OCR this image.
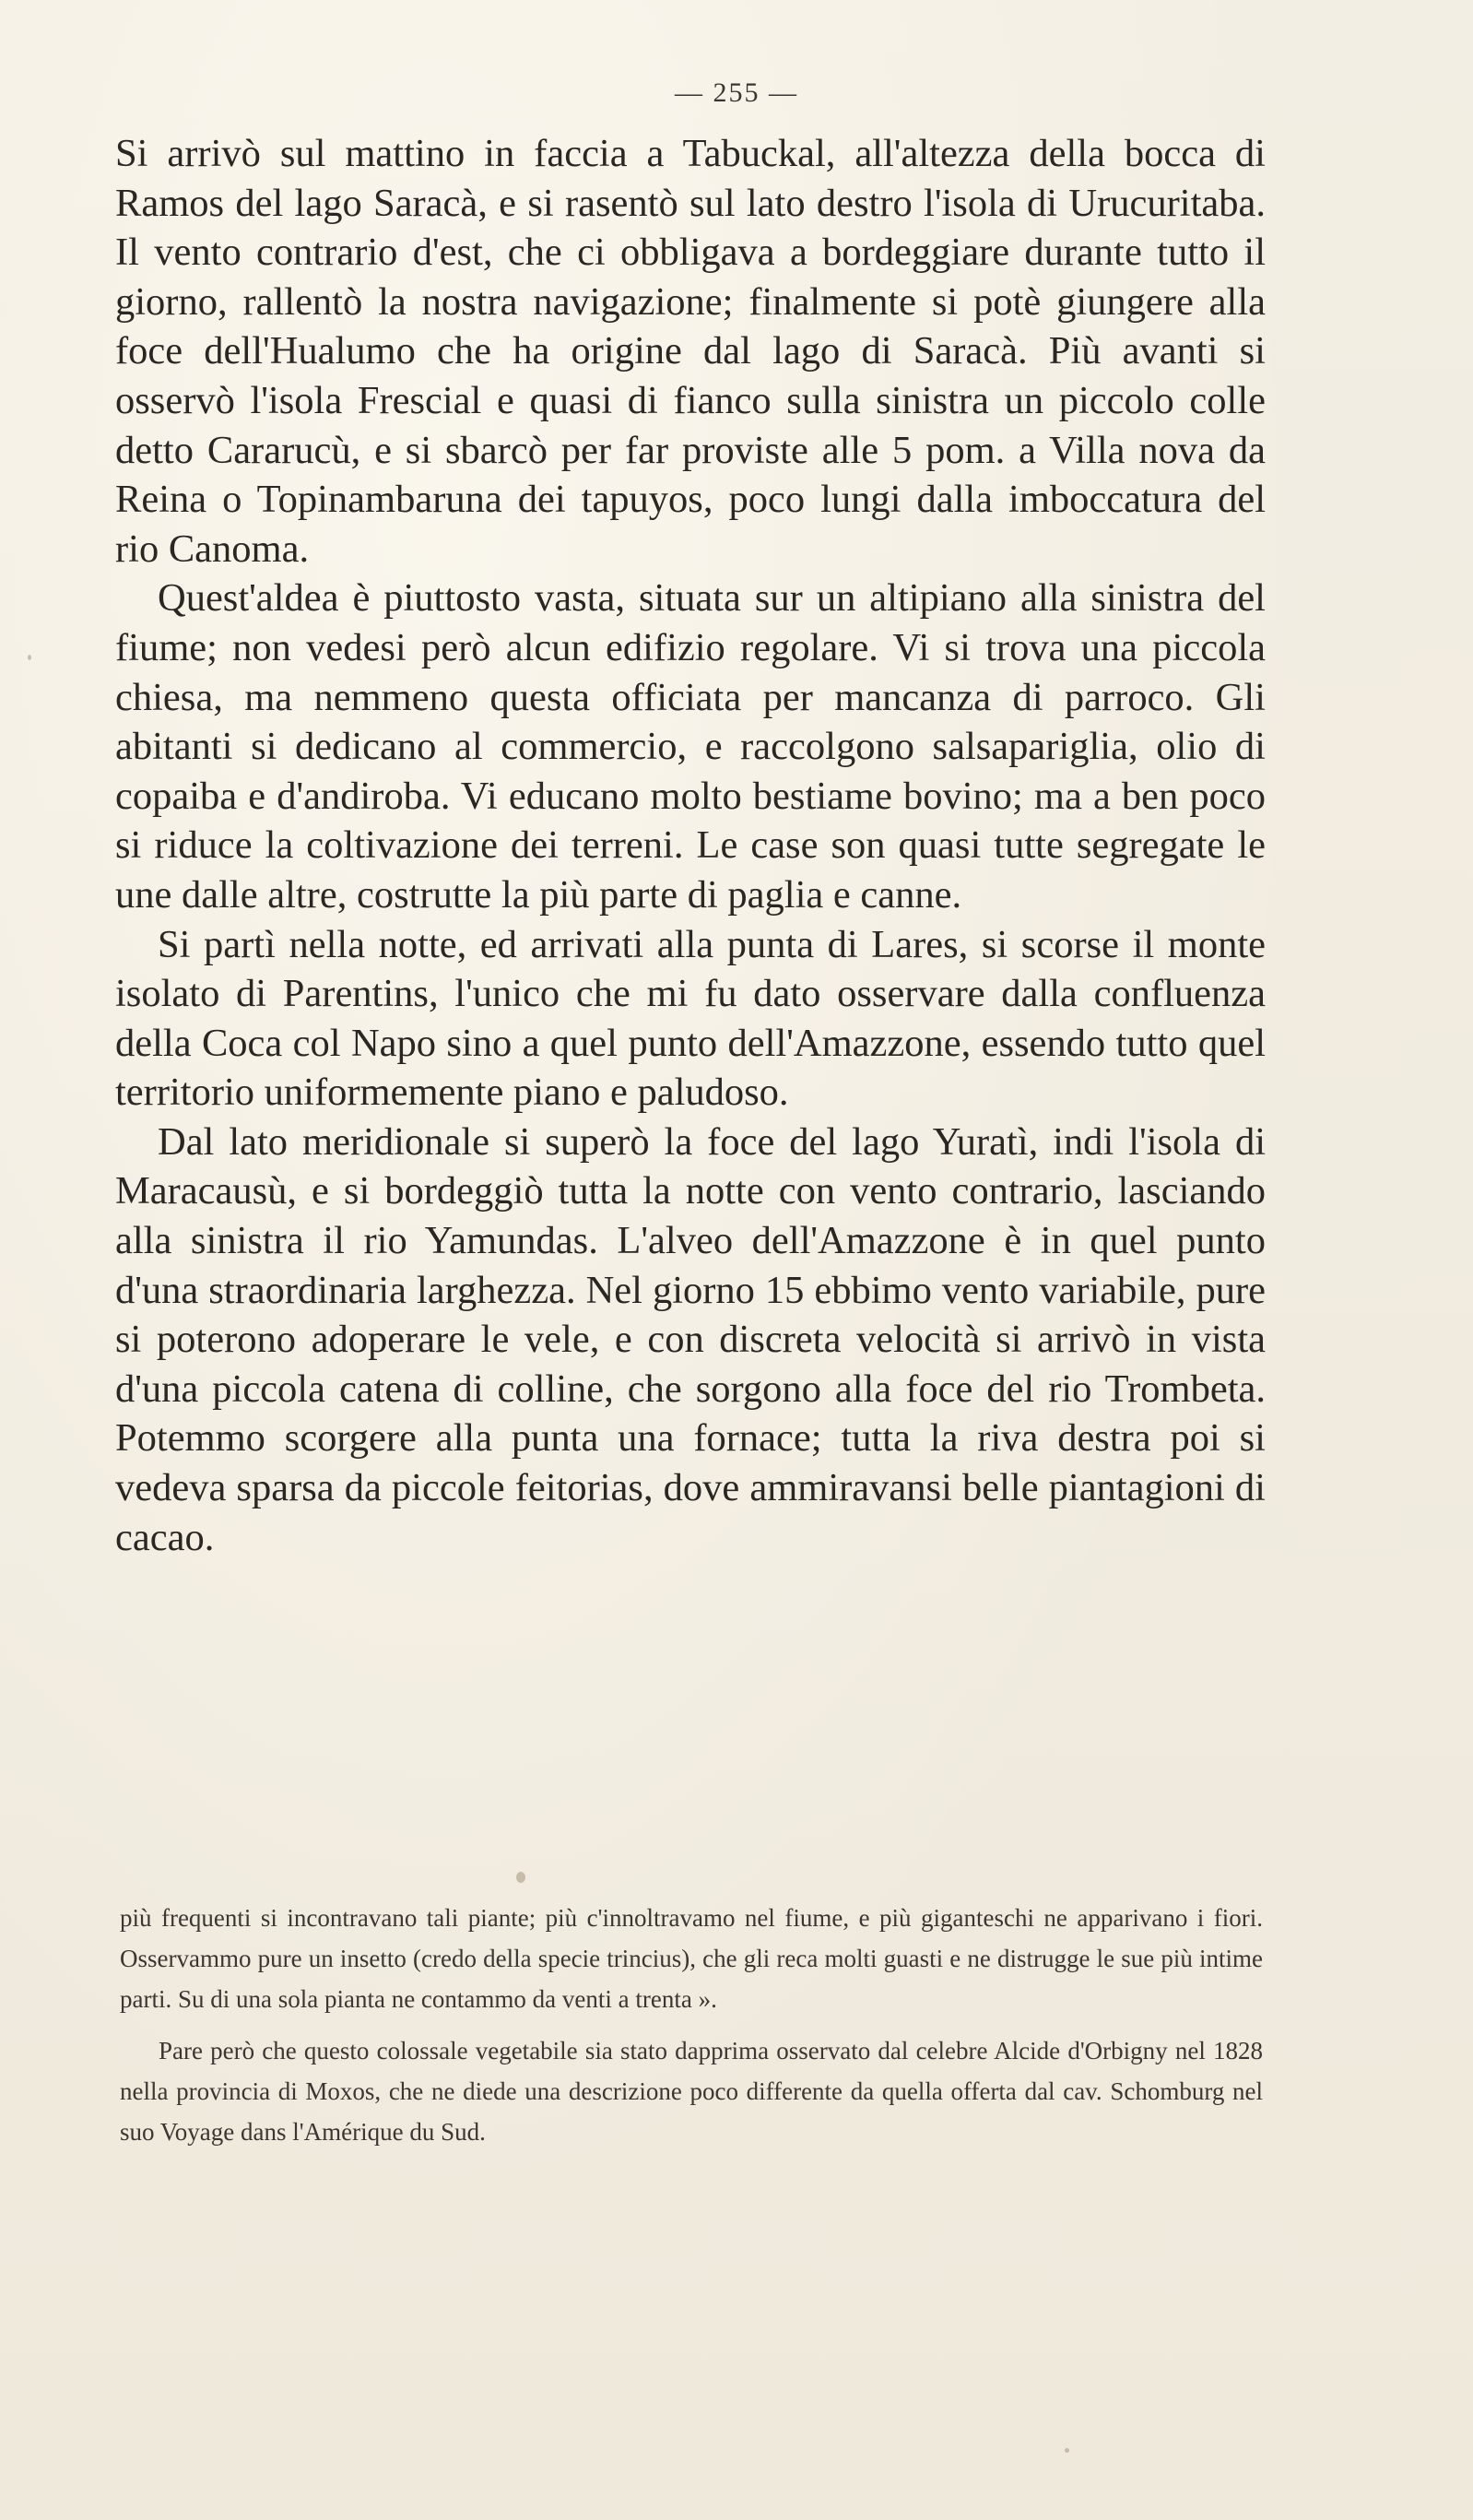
— 255 —

Si arrivò sul mattino in faccia a Tabuckal, all'altezza della bocca di Ramos del lago Saracà, e si rasentò sul lato destro l'isola di Urucuritaba. Il vento contrario d'est, che ci obbligava a bordeggiare durante tutto il giorno, rallentò la nostra navigazione; finalmente si potè giungere alla foce dell'Hualumo che ha origine dal lago di Saracà. Più avanti si osservò l'isola Frescial e quasi di fianco sulla sinistra un piccolo colle detto Cararucù, e si sbarcò per far proviste alle 5 pom. a Villa nova da Reina o Topinambaruna dei tapuyos, poco lungi dalla imboccatura del rio Canoma.

Quest'aldea è piuttosto vasta, situata sur un altipiano alla sinistra del fiume; non vedesi però alcun edifizio regolare. Vi si trova una piccola chiesa, ma nemmeno questa officiata per mancanza di parroco. Gli abitanti si dedicano al commercio, e raccolgono salsapariglia, olio di copaiba e d'andiroba. Vi educano molto bestiame bovino; ma a ben poco si riduce la coltivazione dei terreni. Le case son quasi tutte segregate le une dalle altre, costrutte la più parte di paglia e canne.

Si partì nella notte, ed arrivati alla punta di Lares, si scorse il monte isolato di Parentins, l'unico che mi fu dato osservare dalla confluenza della Coca col Napo sino a quel punto dell'Amazzone, essendo tutto quel territorio uniformemente piano e paludoso.

Dal lato meridionale si superò la foce del lago Yuratì, indi l'isola di Maracausù, e si bordeggiò tutta la notte con vento contrario, lasciando alla sinistra il rio Yamundas. L'alveo dell'Amazzone è in quel punto d'una straordinaria larghezza. Nel giorno 15 ebbimo vento variabile, pure si poterono adoperare le vele, e con discreta velocità si arrivò in vista d'una piccola catena di colline, che sorgono alla foce del rio Trombeta. Potemmo scorgere alla punta una fornace; tutta la riva destra poi si vedeva sparsa da piccole feitorias, dove ammiravansi belle piantagioni di cacao.

più frequenti si incontravano tali piante; più c'innoltravamo nel fiume, e più giganteschi ne apparivano i fiori. Osservammo pure un insetto (credo della specie trincius), che gli reca molti guasti e ne distrugge le sue più intime parti. Su di una sola pianta ne contammo da venti a trenta ».

Pare però che questo colossale vegetabile sia stato dapprima osservato dal celebre Alcide d'Orbigny nel 1828 nella provincia di Moxos, che ne diede una descrizione poco differente da quella offerta dal cav. Schomburg nel suo Voyage dans l'Amérique du Sud.
